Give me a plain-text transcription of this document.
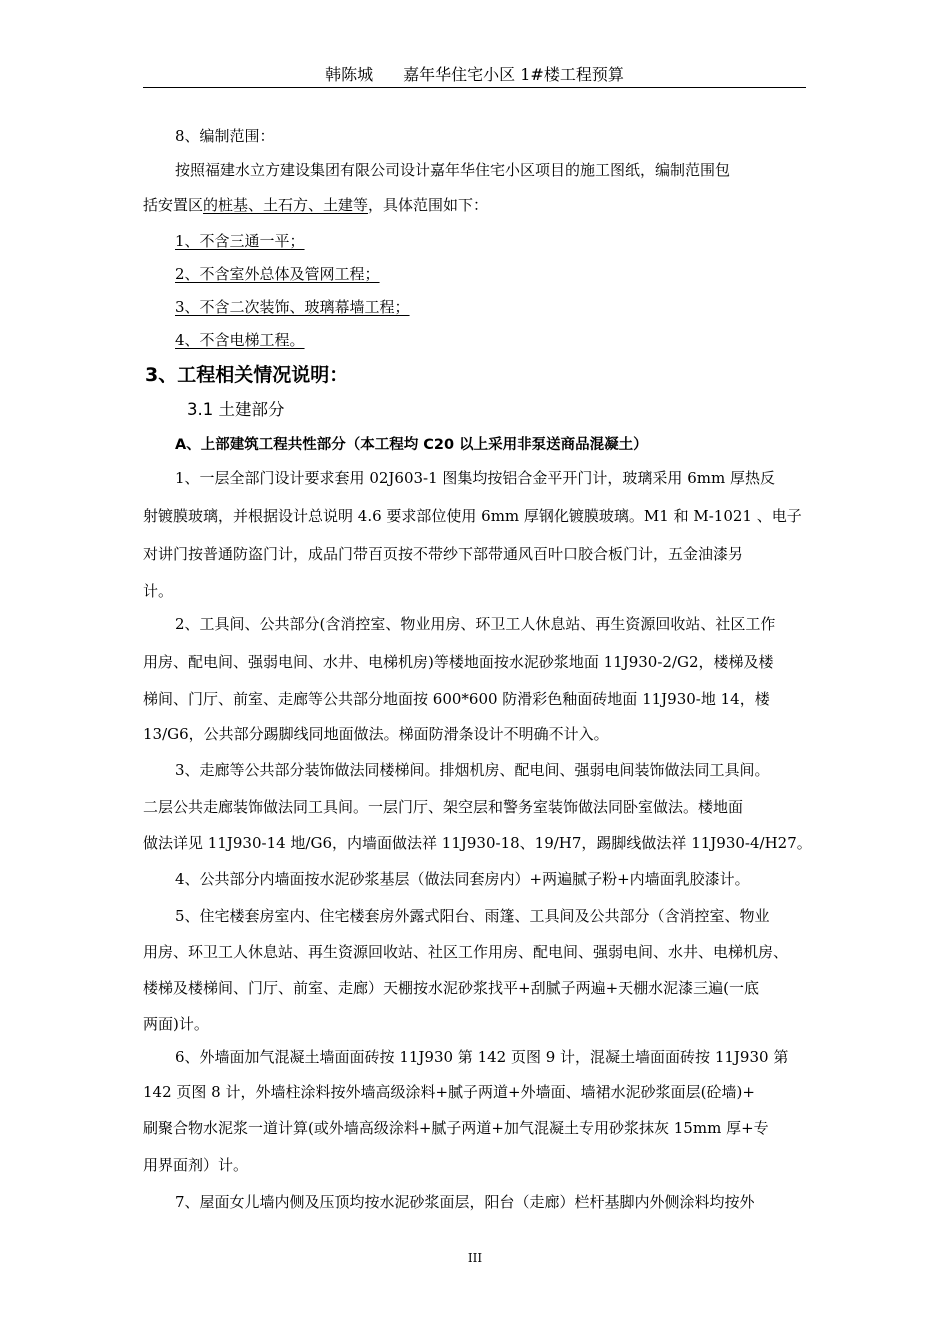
韩陈城 嘉年华住宅小区 1#楼工程预算
8、编制范围：
按照福建水立方建设集团有限公司设计嘉年华住宅小区项目的施工图纸，编制范围包
括安置区的桩基、土石方、土建等，具体范围如下：
1、不含三通一平；
2、不含室外总体及管网工程；
3、不含二次装饰、玻璃幕墙工程；
4、不含电梯工程。
3、工程相关情况说明：
3.1 土建部分
A、上部建筑工程共性部分（本工程均 C20 以上采用非泵送商品混凝土）
1、一层全部门设计要求套用 02J603-1 图集均按铝合金平开门计，玻璃采用 6mm 厚热反
射镀膜玻璃，并根据设计总说明 4.6 要求部位使用 6mm 厚钢化镀膜玻璃。M1 和 M-1021 、电子
对讲门按普通防盗门计，成品门带百页按不带纱下部带通风百叶口胶合板门计，五金油漆另
计。
2、工具间、公共部分(含消控室、物业用房、环卫工人休息站、再生资源回收站、社区工作
用房、配电间、强弱电间、水井、电梯机房)等楼地面按水泥砂浆地面 11J930-2/G2，楼梯及楼
梯间、门厅、前室、走廊等公共部分地面按 600*600 防滑彩色釉面砖地面 11J930-地 14，楼
13/G6，公共部分踢脚线同地面做法。梯面防滑条设计不明确不计入。
3、走廊等公共部分装饰做法同楼梯间。排烟机房、配电间、强弱电间装饰做法同工具间。
二层公共走廊装饰做法同工具间。一层门厅、架空层和警务室装饰做法同卧室做法。楼地面
做法详见 11J930-14 地/G6，内墙面做法祥 11J930-18、19/H7，踢脚线做法祥 11J930-4/H27。
4、公共部分内墙面按水泥砂浆基层（做法同套房内）+两遍腻子粉+内墙面乳胶漆计。
5、住宅楼套房室内、住宅楼套房外露式阳台、雨篷、工具间及公共部分（含消控室、物业
用房、环卫工人休息站、再生资源回收站、社区工作用房、配电间、强弱电间、水井、电梯机房、
楼梯及楼梯间、门厅、前室、走廊）天棚按水泥砂浆找平+刮腻子两遍+天棚水泥漆三遍(一底
两面)计。
6、外墙面加气混凝土墙面面砖按 11J930 第 142 页图 9 计，混凝土墙面面砖按 11J930 第
142 页图 8 计，外墙柱涂料按外墙高级涂料+腻子两道+外墙面、墙裙水泥砂浆面层(砼墙)+
刷聚合物水泥浆一道计算(或外墙高级涂料+腻子两道+加气混凝土专用砂浆抹灰 15mm 厚+专
用界面剂）计。
7、屋面女儿墙内侧及压顶均按水泥砂浆面层，阳台（走廊）栏杆基脚内外侧涂料均按外
III
